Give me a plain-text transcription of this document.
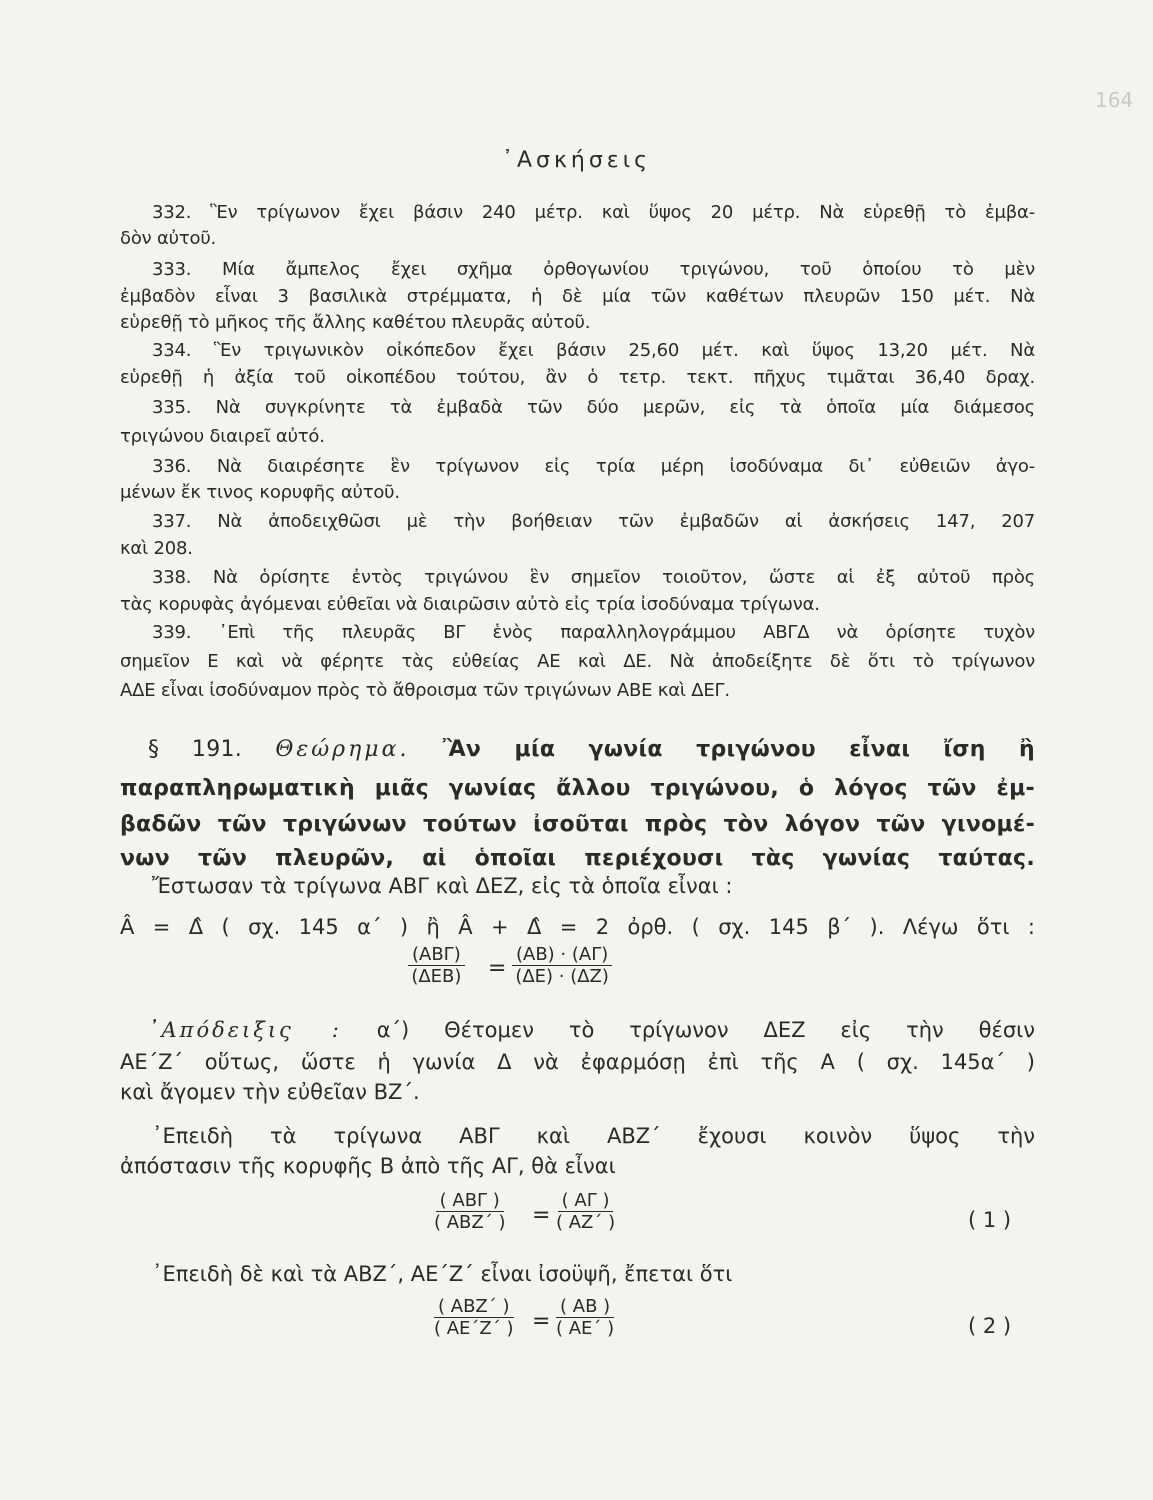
164
᾿Ασκήσεις
332. Ἓν τρίγωνον ἔχει βάσιν 240 μέτρ. καὶ ὕψος 20 μέτρ. Νὰ εὑρεθῇ τὸ ἐμβα-
δὸν αὐτοῦ.
333. Μία ἄμπελος ἔχει σχῆμα ὀρθογωνίου τριγώνου, τοῦ ὁποίου τὸ μὲν
ἐμβαδὸν εἶναι 3 βασιλικὰ στρέμματα, ἡ δὲ μία τῶν καθέτων πλευρῶν 150 μέτ. Νὰ
εὑρεθῇ τὸ μῆκος τῆς ἄλλης καθέτου πλευρᾶς αὐτοῦ.
334. Ἓν τριγωνικὸν οἰκόπεδον ἔχει βάσιν 25,60 μέτ. καὶ ὕψος 13,20 μέτ. Νὰ
εὑρεθῇ ἡ ἀξία τοῦ οἰκοπέδου τούτου, ἂν ὁ τετρ. τεκτ. πῆχυς τιμᾶται 36,40 δραχ.
335. Νὰ συγκρίνητε τὰ ἐμβαδὰ τῶν δύο μερῶν, εἰς τὰ ὁποῖα μία διάμεσος
τριγώνου διαιρεῖ αὐτό.
336. Νὰ διαιρέσητε ἓν τρίγωνον εἰς τρία μέρη ἰσοδύναμα δι᾿ εὐθειῶν ἀγο-
μένων ἔκ τινος κορυφῆς αὐτοῦ.
337. Νὰ ἀποδειχθῶσι μὲ τὴν βοήθειαν τῶν ἐμβαδῶν αἱ ἀσκήσεις 147, 207
καὶ 208.
338. Νὰ ὁρίσητε ἐντὸς τριγώνου ἓν σημεῖον τοιοῦτον, ὥστε αἱ ἐξ αὐτοῦ πρὸς
τὰς κορυφὰς ἀγόμεναι εὐθεῖαι νὰ διαιρῶσιν αὐτὸ εἰς τρία ἰσοδύναμα τρίγωνα.
339. ᾿Επὶ τῆς πλευρᾶς ΒΓ ἑνὸς παραλληλογράμμου ΑΒΓΔ νὰ ὁρίσητε τυχὸν
σημεῖον Ε καὶ νὰ φέρητε τὰς εὐθείας ΑΕ καὶ ΔΕ. Νὰ ἀποδείξητε δὲ ὅτι τὸ τρίγωνον
ΑΔΕ εἶναι ἰσοδύναμον πρὸς τὸ ἄθροισμα τῶν τριγώνων ΑΒΕ καὶ ΔΕΓ.
§ 191. Θεώρημα. Ἂν μία γωνία τριγώνου εἶναι ἴση ἢ
παραπληρωματικὴ μιᾶς γωνίας ἄλλου τριγώνου, ὁ λόγος τῶν ἐμ-
βαδῶν τῶν τριγώνων τούτων ἰσοῦται πρὸς τὸν λόγον τῶν γινομέ-
νων τῶν πλευρῶν, αἱ ὁποῖαι περιέχουσι τὰς γωνίας ταύτας.
Ἔστωσαν τὰ τρίγωνα ΑΒΓ καὶ ΔΕΖ, εἰς τὰ ὁποῖα εἶναι :
Â = Δ̂ ( σχ. 145 α΄ ) ἢ Â + Δ̂ = 2 ὀρθ. ( σχ. 145 β΄ ). Λέγω ὅτι :
(ΑΒΓ)
$(\Delta EB) = \frac{(AB) \cdot (A\Gamma)}{(\Delta E) \cdot (\Delta Z)}$
᾿Απόδειξις : α΄) Θέτομεν τὸ τρίγωνον ΔΕΖ εἰς τὴν θέσιν
ΑΕ΄Ζ΄ οὕτως, ὥστε ἡ γωνία Δ νὰ ἐφαρμόσῃ ἐπὶ τῆς Α ( σχ. 145α΄ )
καὶ ἄγομεν τὴν εὐθεῖαν ΒΖ΄.
᾿Επειδὴ τὰ τρίγωνα ΑΒΓ καὶ ΑΒΖ΄ ἔχουσι κοινὸν ὕψος τὴν
ἀπόστασιν τῆς κορυφῆς Β ἀπὸ τῆς ΑΓ, θὰ εἶναι
( ΑΒΓ )
( ΑΒΖ΄ ) = $\frac{( A\Gamma )}{( AZ΄ )}$	( 1 )
᾿Επειδὴ δὲ καὶ τὰ ΑΒΖ΄, ΑΕ΄Ζ΄ εἶναι ἰσοϋψῆ, ἔπεται ὅτι
( ΑΒΖ΄ )
( ΑΕ΄Ζ΄ ) = $\frac{( AB )}{( AE΄ )}$	( 2 )
